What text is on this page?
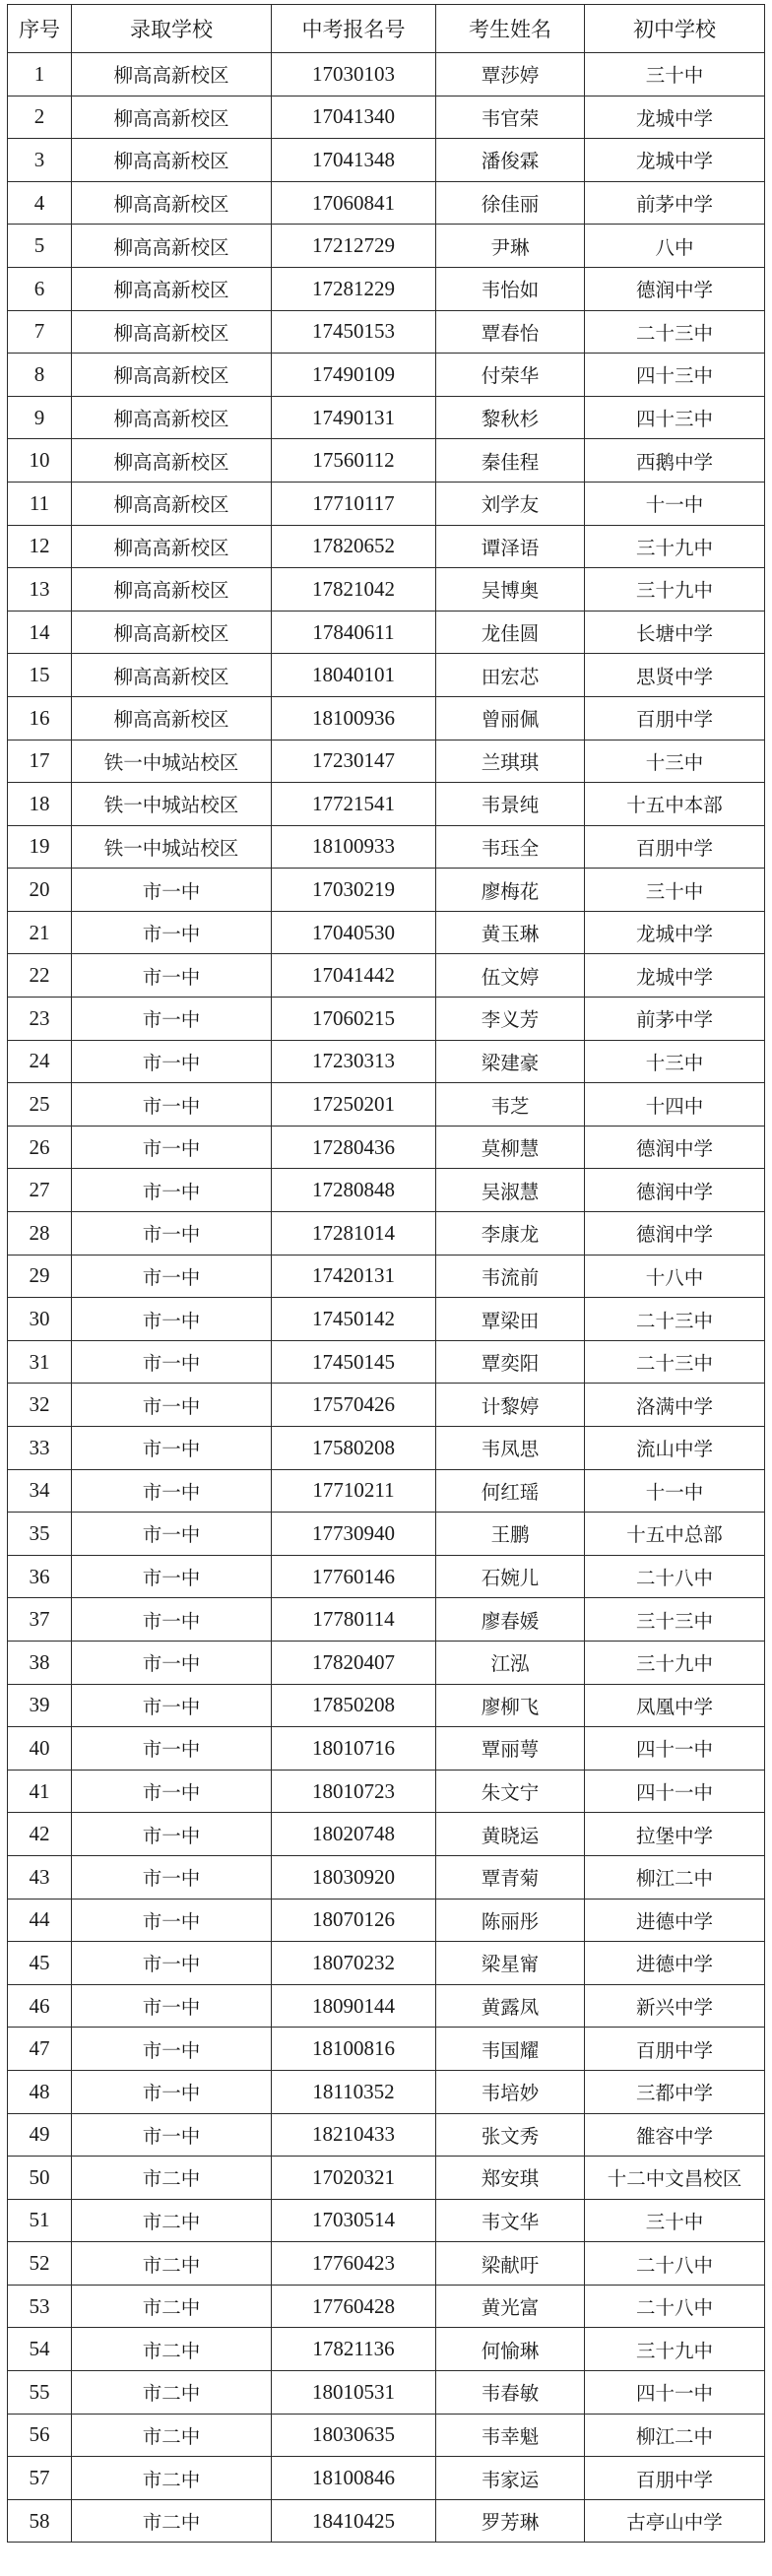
序号	录取学校	中考报名号	考生姓名	初中学校
1	柳高高新校区	17030103	覃莎婷	三十中
2	柳高高新校区	17041340	韦官荣	龙城中学
3	柳高高新校区	17041348	潘俊霖	龙城中学
4	柳高高新校区	17060841	徐佳丽	前茅中学
5	柳高高新校区	17212729	尹琳	八中
6	柳高高新校区	17281229	韦怡如	德润中学
7	柳高高新校区	17450153	覃春怡	二十三中
8	柳高高新校区	17490109	付荣华	四十三中
9	柳高高新校区	17490131	黎秋杉	四十三中
10	柳高高新校区	17560112	秦佳程	西鹅中学
11	柳高高新校区	17710117	刘学友	十一中
12	柳高高新校区	17820652	谭泽语	三十九中
13	柳高高新校区	17821042	吴博奥	三十九中
14	柳高高新校区	17840611	龙佳圆	长塘中学
15	柳高高新校区	18040101	田宏芯	思贤中学
16	柳高高新校区	18100936	曾丽佩	百朋中学
17	铁一中城站校区	17230147	兰琪琪	十三中
18	铁一中城站校区	17721541	韦景纯	十五中本部
19	铁一中城站校区	18100933	韦珏全	百朋中学
20	市一中	17030219	廖梅花	三十中
21	市一中	17040530	黄玉琳	龙城中学
22	市一中	17041442	伍文婷	龙城中学
23	市一中	17060215	李义芳	前茅中学
24	市一中	17230313	梁建豪	十三中
25	市一中	17250201	韦芝	十四中
26	市一中	17280436	莫柳慧	德润中学
27	市一中	17280848	吴淑慧	德润中学
28	市一中	17281014	李康龙	德润中学
29	市一中	17420131	韦流前	十八中
30	市一中	17450142	覃梁田	二十三中
31	市一中	17450145	覃奕阳	二十三中
32	市一中	17570426	计黎婷	洛满中学
33	市一中	17580208	韦凤思	流山中学
34	市一中	17710211	何红瑶	十一中
35	市一中	17730940	王鹏	十五中总部
36	市一中	17760146	石婉儿	二十八中
37	市一中	17780114	廖春媛	三十三中
38	市一中	17820407	江泓	三十九中
39	市一中	17850208	廖柳飞	凤凰中学
40	市一中	18010716	覃丽萼	四十一中
41	市一中	18010723	朱文宁	四十一中
42	市一中	18020748	黄晓运	拉堡中学
43	市一中	18030920	覃青菊	柳江二中
44	市一中	18070126	陈丽彤	进德中学
45	市一中	18070232	梁星甯	进德中学
46	市一中	18090144	黄露凤	新兴中学
47	市一中	18100816	韦国耀	百朋中学
48	市一中	18110352	韦培妙	三都中学
49	市一中	18210433	张文秀	雒容中学
50	市二中	17020321	郑安琪	十二中文昌校区
51	市二中	17030514	韦文华	三十中
52	市二中	17760423	梁献吁	二十八中
53	市二中	17760428	黄光富	二十八中
54	市二中	17821136	何愉琳	三十九中
55	市二中	18010531	韦春敏	四十一中
56	市二中	18030635	韦幸魁	柳江二中
57	市二中	18100846	韦家运	百朋中学
58	市二中	18410425	罗芳琳	古亭山中学
